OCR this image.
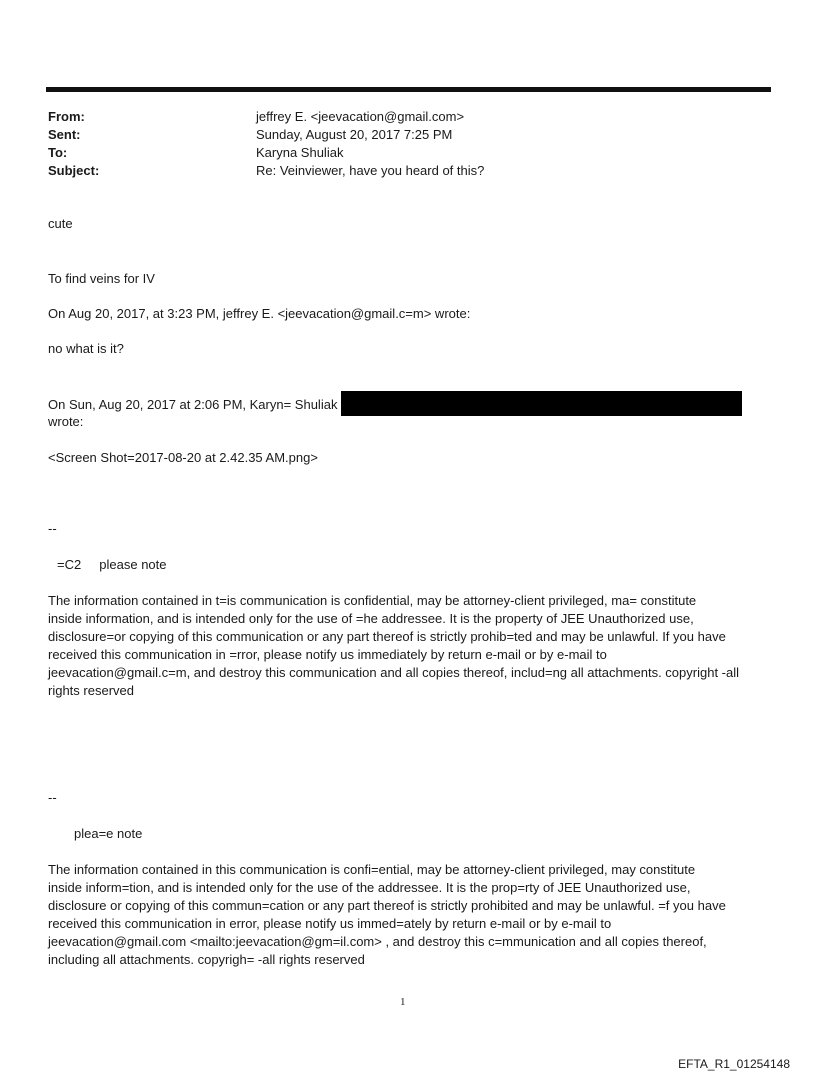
From:	jeffrey E. <jeevacation@gmail.com>
Sent:	Sunday, August 20, 2017 7:25 PM
To:	Karyna Shuliak
Subject:	Re: Veinviewer, have you heard of this?
cute
To find veins for IV
On Aug 20, 2017, at 3:23 PM, jeffrey E. <jeevacation@gmail.c=m> wrote:
no what is it?
On Sun, Aug 20, 2017 at 2:06 PM, Karyn= Shuliak
wrote:
<Screen Shot=2017-08-20 at 2.42.35 AM.png>
--
=C2     please note
The information contained in t=is communication is confidential, may be attorney-client privileged, ma= constitute
inside information, and is intended only for the use of =he addressee. It is the property of JEE Unauthorized use,
disclosure=or copying of this communication or any part thereof is strictly prohib=ted and may be unlawful. If you have
received this communication in =rror, please notify us immediately by return e-mail or by e-mail to
jeevacation@gmail.c=m, and destroy this communication and all copies thereof, includ=ng all attachments. copyright -all
rights reserved
--
plea=e note
The information contained in this communication is confi=ential, may be attorney-client privileged, may constitute
inside inform=tion, and is intended only for the use of the addressee. It is the prop=rty of JEE Unauthorized use,
disclosure or copying of this commun=cation or any part thereof is strictly prohibited and may be unlawful. =f you have
received this communication in error, please notify us immed=ately by return e-mail or by e-mail to
jeevacation@gmail.com <mailto:jeevacation@gm=il.com> , and destroy this c=mmunication and all copies thereof,
including all attachments. copyrigh= -all rights reserved
1
EFTA_R1_01254148
